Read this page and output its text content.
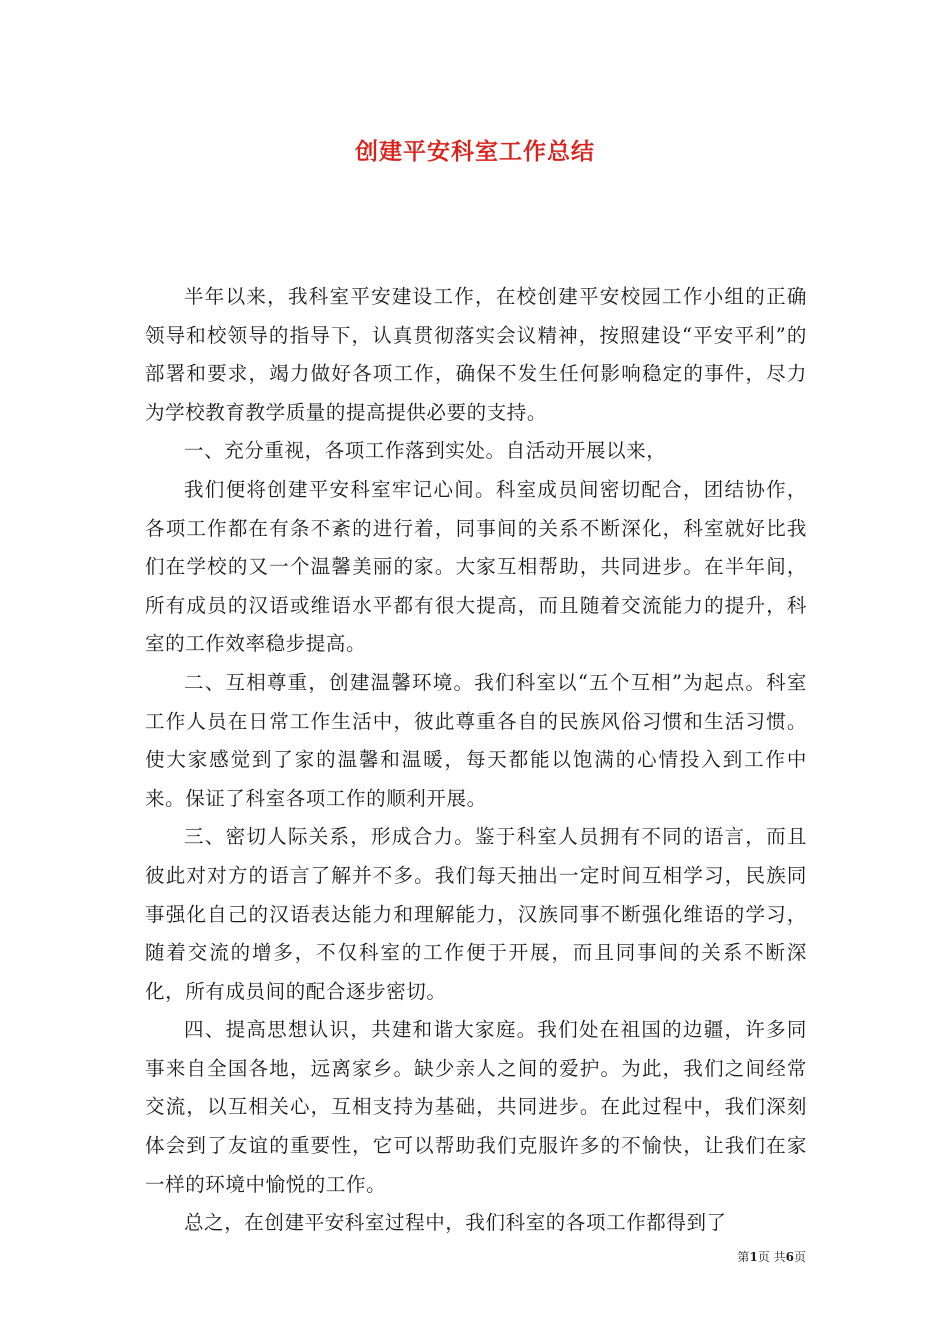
创建平安科室工作总结

半年以来，我科室平安建设工作，在校创建平安校园工作小组的正确领导和校领导的指导下，认真贯彻落实会议精神，按照建设“平安平利”的部署和要求，竭力做好各项工作，确保不发生任何影响稳定的事件，尽力为学校教育教学质量的提高提供必要的支持。

一、充分重视，各项工作落到实处。自活动开展以来，

我们便将创建平安科室牢记心间。科室成员间密切配合，团结协作，各项工作都在有条不紊的进行着，同事间的关系不断深化，科室就好比我们在学校的又一个温馨美丽的家。大家互相帮助，共同进步。在半年间，所有成员的汉语或维语水平都有很大提高，而且随着交流能力的提升，科室的工作效率稳步提高。

二、互相尊重，创建温馨环境。我们科室以“五个互相”为起点。科室工作人员在日常工作生活中，彼此尊重各自的民族风俗习惯和生活习惯。使大家感觉到了家的温馨和温暖，每天都能以饱满的心情投入到工作中来。保证了科室各项工作的顺利开展。

三、密切人际关系，形成合力。鉴于科室人员拥有不同的语言，而且彼此对对方的语言了解并不多。我们每天抽出一定时间互相学习，民族同事强化自己的汉语表达能力和理解能力，汉族同事不断强化维语的学习，随着交流的增多，不仅科室的工作便于开展，而且同事间的关系不断深化，所有成员间的配合逐步密切。

四、提高思想认识，共建和谐大家庭。我们处在祖国的边疆，许多同事来自全国各地，远离家乡。缺少亲人之间的爱护。为此，我们之间经常交流，以互相关心，互相支持为基础，共同进步。在此过程中，我们深刻体会到了友谊的重要性，它可以帮助我们克服许多的不愉快，让我们在家一样的环境中愉悦的工作。

总之，在创建平安科室过程中，我们科室的各项工作都得到了

第1页 共6页
